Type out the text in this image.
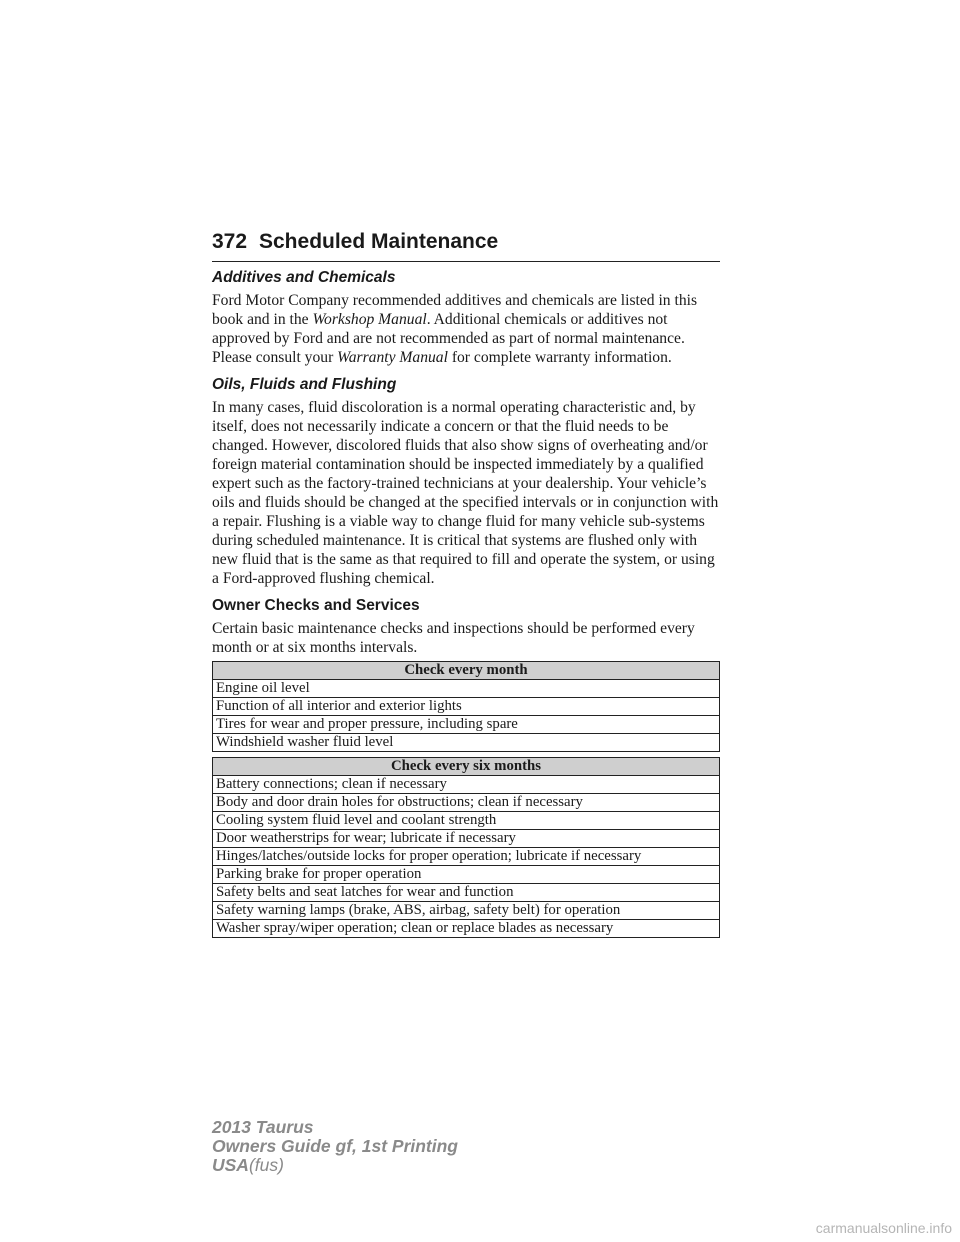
372 Scheduled Maintenance
Additives and Chemicals

Ford Motor Company recommended additives and chemicals are listed in this book and in the Workshop Manual. Additional chemicals or additives not approved by Ford and are not recommended as part of normal maintenance. Please consult your Warranty Manual for complete warranty information.

Oils, Fluids and Flushing

In many cases, fluid discoloration is a normal operating characteristic and, by itself, does not necessarily indicate a concern or that the fluid needs to be changed. However, discolored fluids that also show signs of overheating and/or foreign material contamination should be inspected immediately by a qualified expert such as the factory-trained technicians at your dealership. Your vehicle’s oils and fluids should be changed at the specified intervals or in conjunction with a repair. Flushing is a viable way to change fluid for many vehicle sub-systems during scheduled maintenance. It is critical that systems are flushed only with new fluid that is the same as that required to fill and operate the system, or using a Ford-approved flushing chemical.

Owner Checks and Services

Certain basic maintenance checks and inspections should be performed every month or at six months intervals.

Check every month
Engine oil level
Function of all interior and exterior lights
Tires for wear and proper pressure, including spare
Windshield washer fluid level
Check every six months
Battery connections; clean if necessary
Body and door drain holes for obstructions; clean if necessary
Cooling system fluid level and coolant strength
Door weatherstrips for wear; lubricate if necessary
Hinges/latches/outside locks for proper operation; lubricate if necessary
Parking brake for proper operation
Safety belts and seat latches for wear and function
Safety warning lamps (brake, ABS, airbag, safety belt) for operation
Washer spray/wiper operation; clean or replace blades as necessary
2013 Taurus
Owners Guide gf, 1st Printing
USA(fus)
carmanualsonline.info
